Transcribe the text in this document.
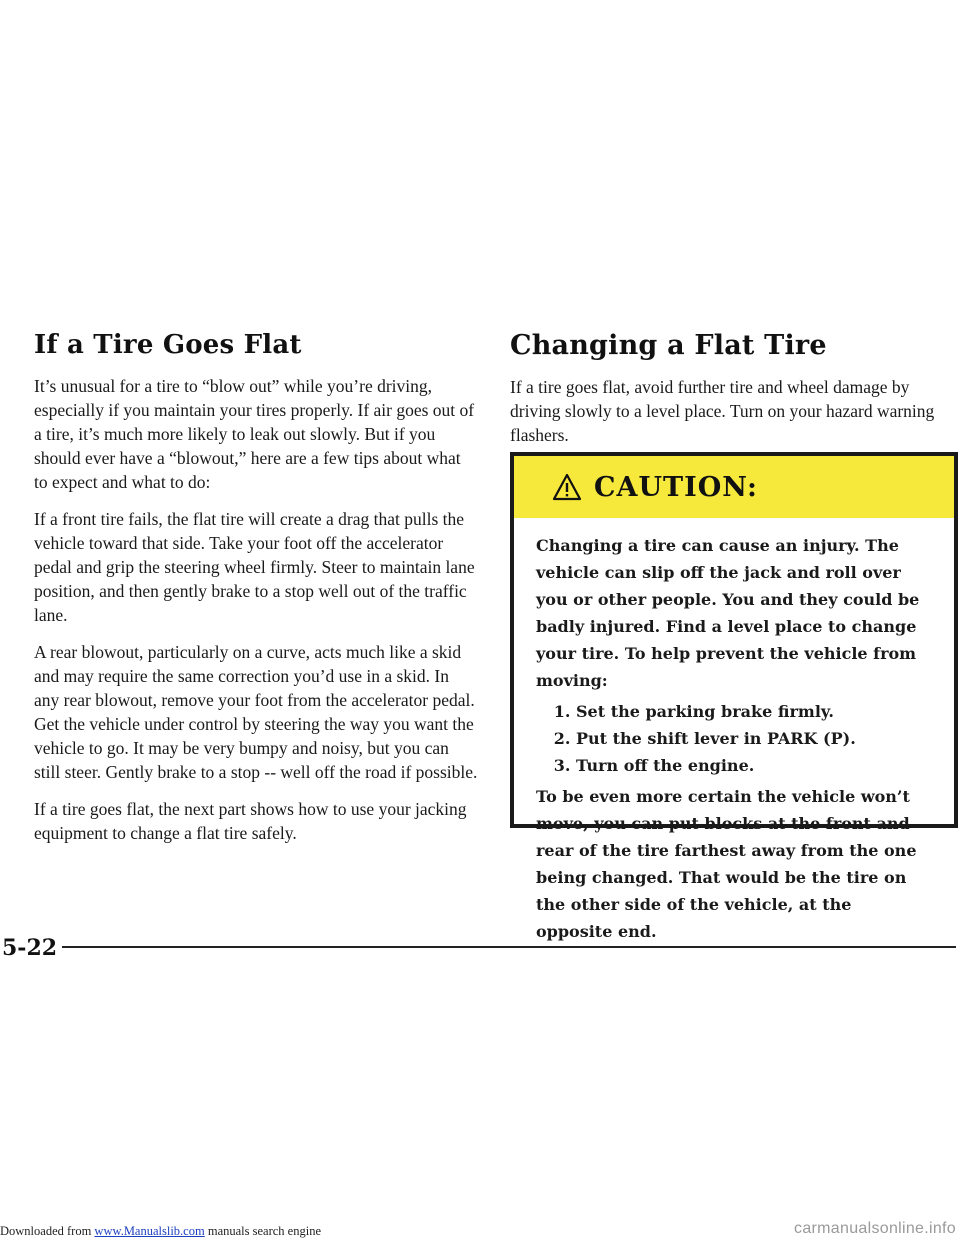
If a Tire Goes Flat

It’s unusual for a tire to “blow out” while you’re driving, especially if you maintain your tires properly. If air goes out of a tire, it’s much more likely to leak out slowly. But if you should ever have a “blowout,” here are a few tips about what to expect and what to do:

If a front tire fails, the flat tire will create a drag that pulls the vehicle toward that side. Take your foot off the accelerator pedal and grip the steering wheel firmly. Steer to maintain lane position, and then gently brake to a stop well out of the traffic lane.

A rear blowout, particularly on a curve, acts much like a skid and may require the same correction you’d use in a skid. In any rear blowout, remove your foot from the accelerator pedal. Get the vehicle under control by steering the way you want the vehicle to go. It may be very bumpy and noisy, but you can still steer. Gently brake to a stop -- well off the road if possible.

If a tire goes flat, the next part shows how to use your jacking equipment to change a flat tire safely.

Changing a Flat Tire

If a tire goes flat, avoid further tire and wheel damage by driving slowly to a level place. Turn on your hazard warning flashers.

CAUTION:

Changing a tire can cause an injury. The vehicle can slip off the jack and roll over you or other people. You and they could be badly injured. Find a level place to change your tire. To help prevent the vehicle from moving:

1. Set the parking brake firmly.
2. Put the shift lever in PARK (P).
3. Turn off the engine.

To be even more certain the vehicle won’t move, you can put blocks at the front and rear of the tire farthest away from the one being changed. That would be the tire on the other side of the vehicle, at the opposite end.

5-22
Downloaded from www.Manualslib.com manuals search engine	carmanualsonline.info
